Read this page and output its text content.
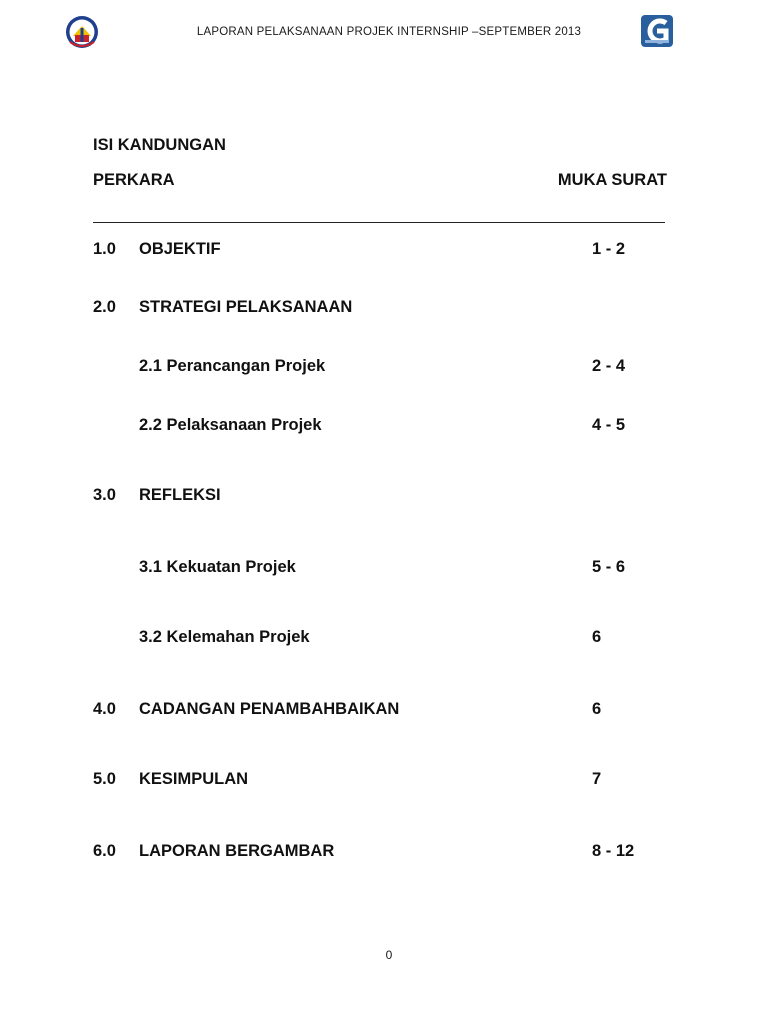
LAPORAN PELAKSANAAN PROJEK INTERNSHIP –SEPTEMBER 2013
ISI KANDUNGAN
PERKARA	MUKA SURAT
1.0 OBJEKTIF	1 - 2
2.0 STRATEGI PELAKSANAAN
2.1 Perancangan Projek	2 - 4
2.2 Pelaksanaan Projek	4 - 5
3.0 REFLEKSI
3.1 Kekuatan Projek	5 - 6
3.2 Kelemahan Projek	6
4.0 CADANGAN PENAMBAHBAIKAN	6
5.0 KESIMPULAN	7
6.0 LAPORAN BERGAMBAR	8 - 12
0
